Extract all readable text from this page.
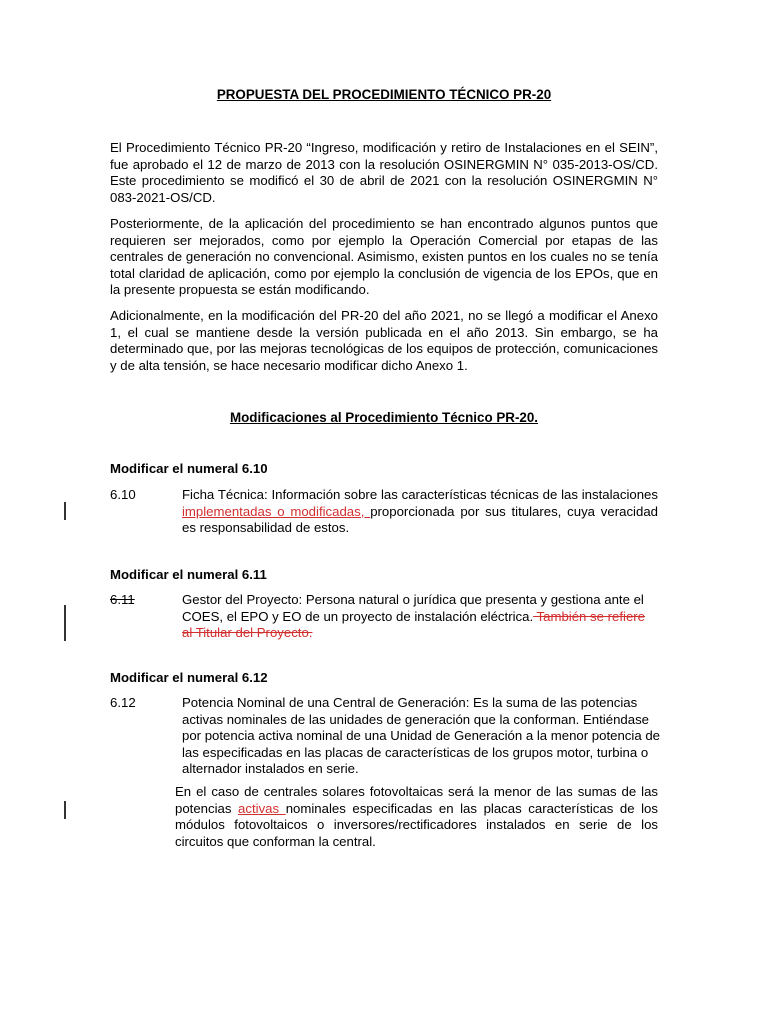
PROPUESTA DEL PROCEDIMIENTO TÉCNICO PR-20

El Procedimiento Técnico PR-20 “Ingreso, modificación y retiro de Instalaciones en el SEIN”, fue aprobado el 12 de marzo de 2013 con la resolución OSINERGMIN N° 035-2013-OS/CD. Este procedimiento se modificó el 30 de abril de 2021 con la resolución OSINERGMIN N° 083-2021-OS/CD.

Posteriormente, de la aplicación del procedimiento se han encontrado algunos puntos que requieren ser mejorados, como por ejemplo la Operación Comercial por etapas de las centrales de generación no convencional. Asimismo, existen puntos en los cuales no se tenía total claridad de aplicación, como por ejemplo la conclusión de vigencia de los EPOs, que en la presente propuesta se están modificando.

Adicionalmente, en la modificación del PR-20 del año 2021, no se llegó a modificar el Anexo 1, el cual se mantiene desde la versión publicada en el año 2013. Sin embargo, se ha determinado que, por las mejoras tecnológicas de los equipos de protección, comunicaciones y de alta tensión, se hace necesario modificar dicho Anexo 1.

Modificaciones al Procedimiento Técnico PR-20.
Modificar el numeral 6.10
6.10	Ficha Técnica: Información sobre las características técnicas de las instalaciones implementadas o modificadas, proporcionada por sus titulares, cuya veracidad es responsabilidad de estos.

Modificar el numeral 6.11
6.11	Gestor del Proyecto: Persona natural o jurídica que presenta y gestiona ante el COES, el EPO y EO de un proyecto de instalación eléctrica. También se refiere al Titular del Proyecto.

Modificar el numeral 6.12
6.12	Potencia Nominal de una Central de Generación: Es la suma de las potencias activas nominales de las unidades de generación que la conforman. Entiéndase por potencia activa nominal de una Unidad de Generación a la menor potencia de las especificadas en las placas de características de los grupos motor, turbina o alternador instalados en serie.

En el caso de centrales solares fotovoltaicas será la menor de las sumas de las potencias activas nominales especificadas en las placas características de los módulos fotovoltaicos o inversores/rectificadores instalados en serie de los circuitos que conforman la central.
